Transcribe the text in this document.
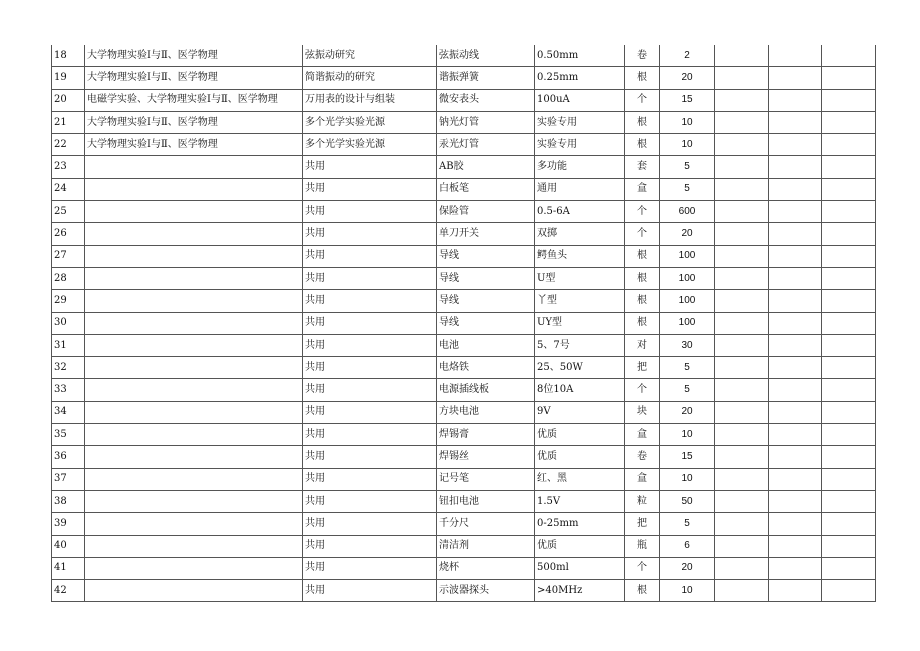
18	大学物理实验Ⅰ与Ⅱ、医学物理	弦振动研究	弦振动线	0.50mm	卷	2			
19	大学物理实验Ⅰ与Ⅱ、医学物理	简谐振动的研究	谐振弹簧	0.25mm	根	20			
20	电磁学实验、大学物理实验Ⅰ与Ⅱ、医学物理	万用表的设计与组装	微安表头	100uA	个	15			
21	大学物理实验Ⅰ与Ⅱ、医学物理	多个光学实验光源	钠光灯管	实验专用	根	10			
22	大学物理实验Ⅰ与Ⅱ、医学物理	多个光学实验光源	汞光灯管	实验专用	根	10			
23		共用	AB胶	多功能	套	5			
24		共用	白板笔	通用	盒	5			
25		共用	保险管	0.5-6A	个	600			
26		共用	单刀开关	双掷	个	20			
27		共用	导线	鳄鱼头	根	100			
28		共用	导线	U型	根	100			
29		共用	导线	丫型	根	100			
30		共用	导线	UY型	根	100			
31		共用	电池	5、7号	对	30			
32		共用	电烙铁	25、50W	把	5			
33		共用	电源插线板	8位10A	个	5			
34		共用	方块电池	9V	块	20			
35		共用	焊锡膏	优质	盒	10			
36		共用	焊锡丝	优质	卷	15			
37		共用	记号笔	红、黑	盒	10			
38		共用	钮扣电池	1.5V	粒	50			
39		共用	千分尺	0-25mm	把	5			
40		共用	清洁剂	优质	瓶	6			
41		共用	烧杯	500ml	个	20			
42		共用	示波器探头	>40MHz	根	10			
